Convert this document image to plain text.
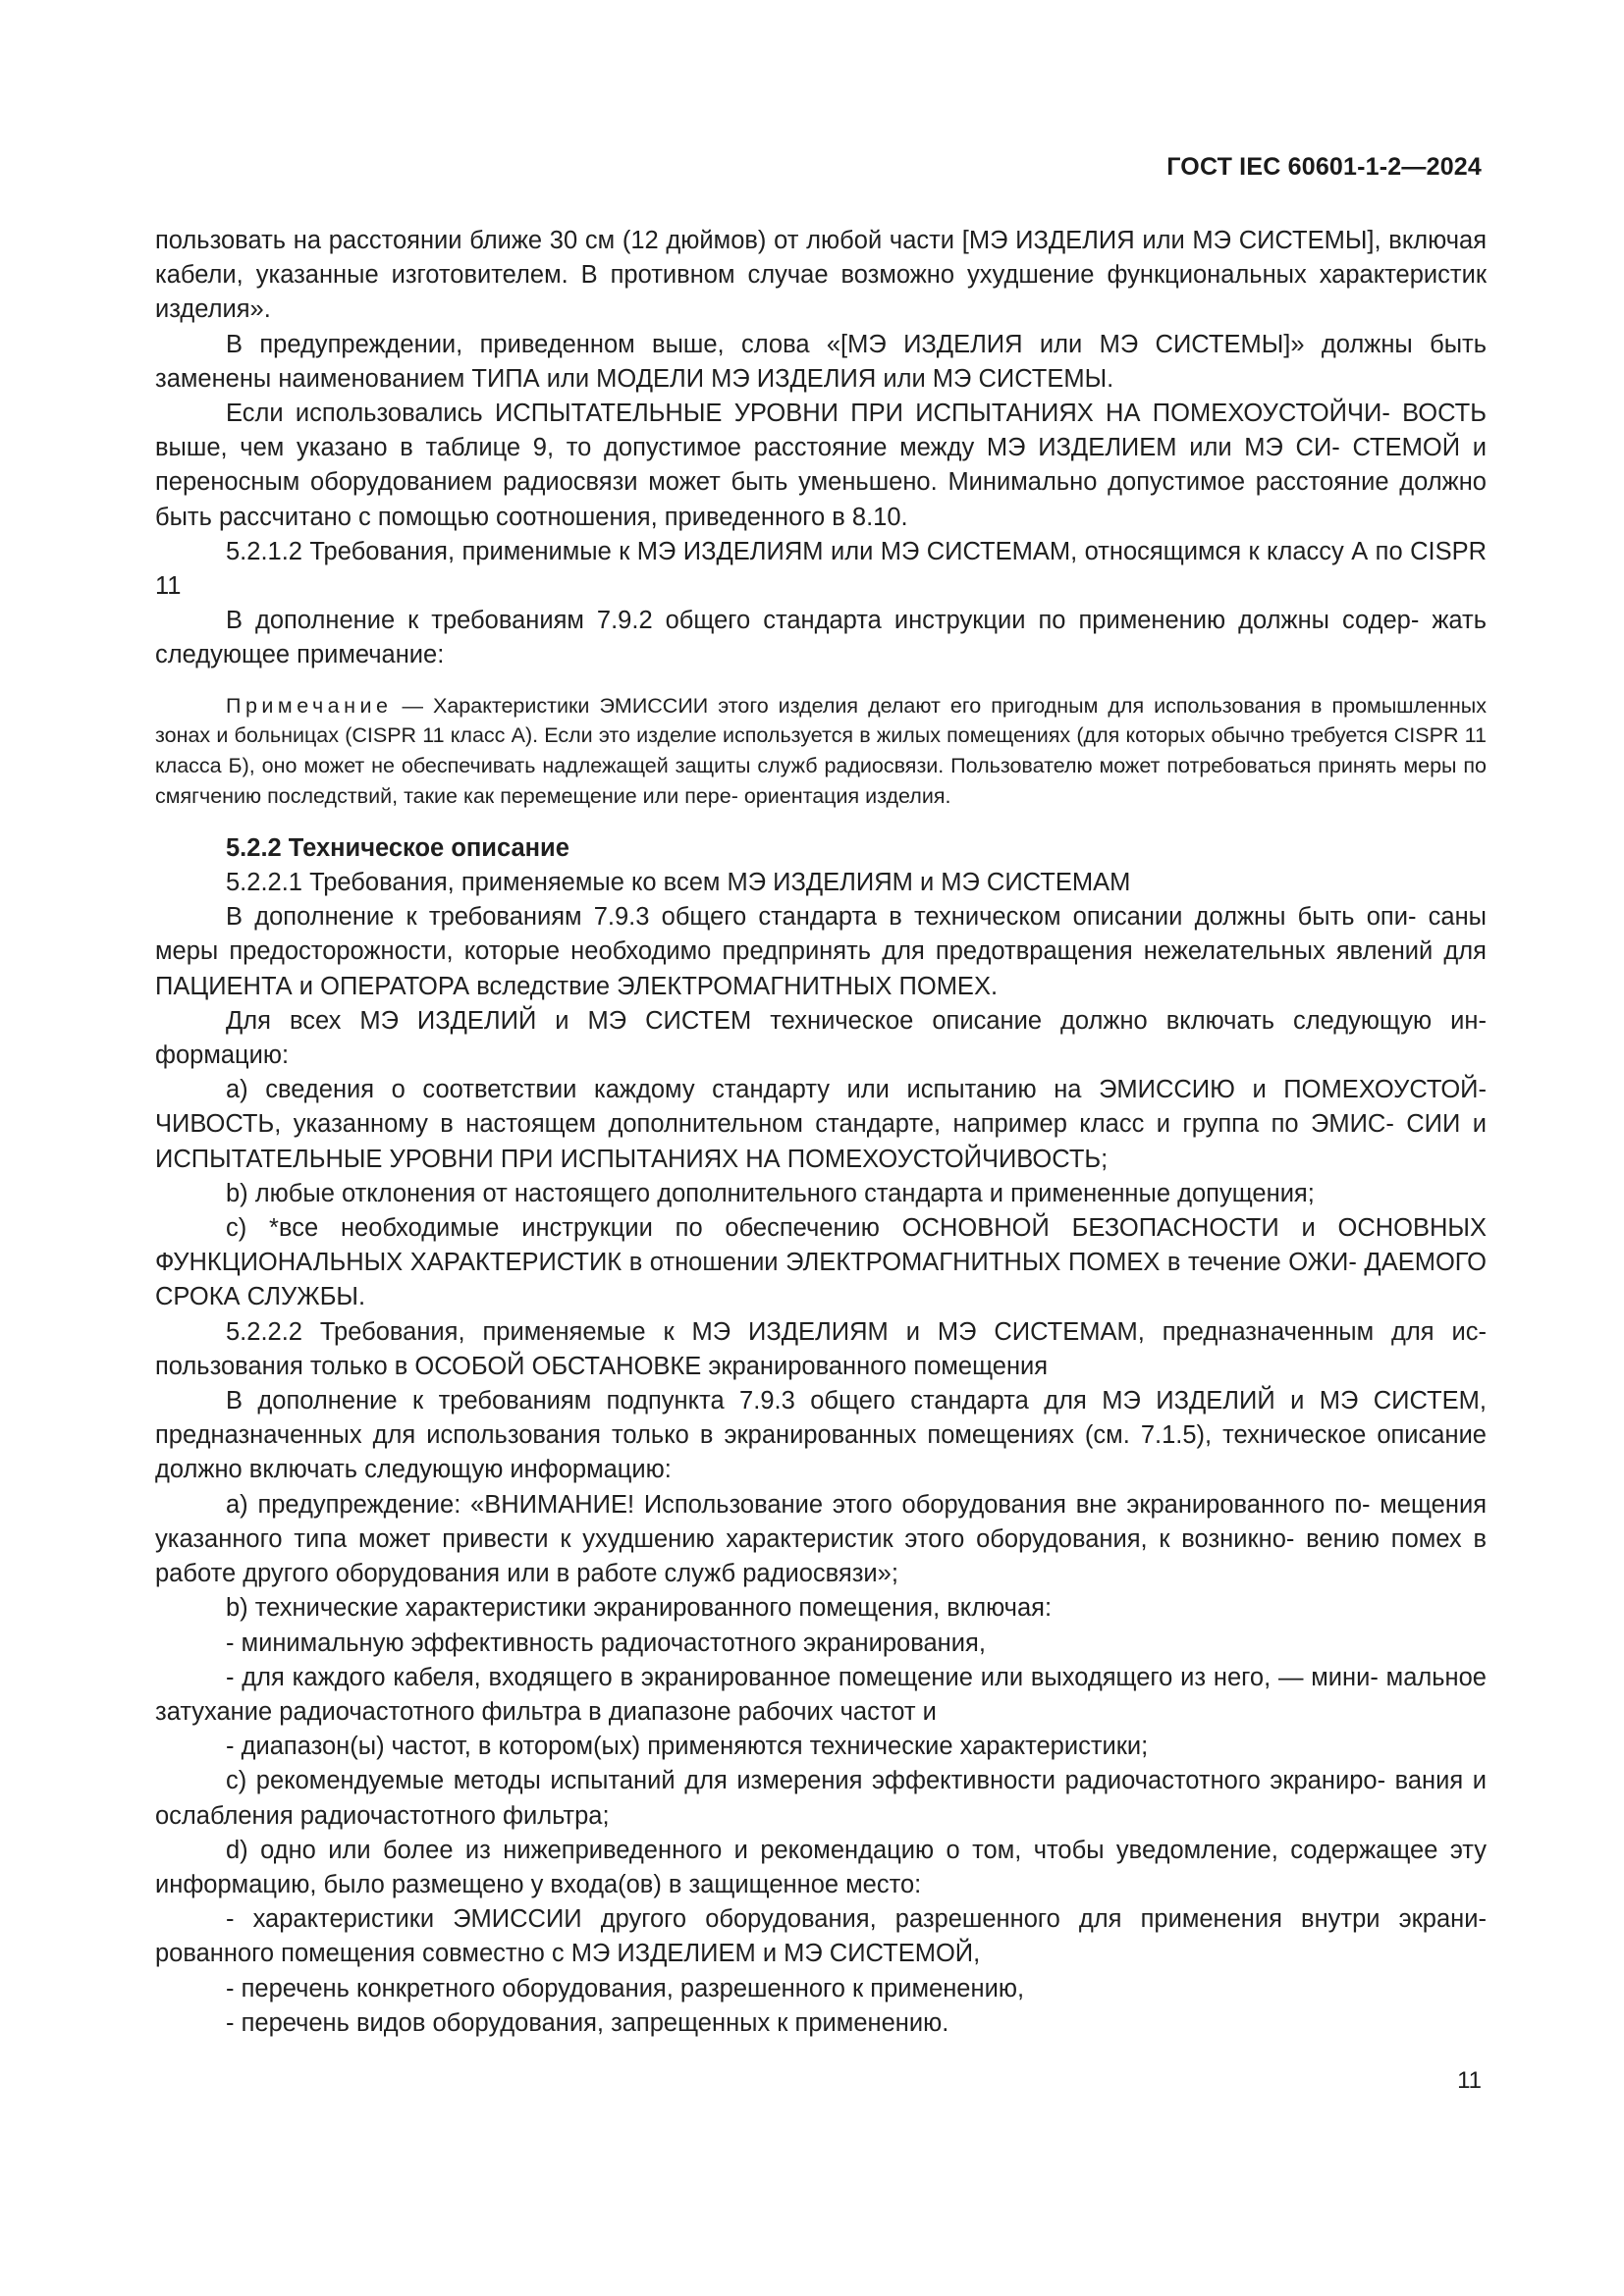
ГОСТ IEC 60601-1-2—2024

пользовать на расстоянии ближе 30 см (12 дюймов) от любой части [МЭ ИЗДЕЛИЯ или МЭ СИСТЕМЫ], включая кабели, указанные изготовителем. В противном случае возможно ухудшение функциональных характеристик изделия».

В предупреждении, приведенном выше, слова «[МЭ ИЗДЕЛИЯ или МЭ СИСТЕМЫ]» должны быть заменены наименованием ТИПА или МОДЕЛИ МЭ ИЗДЕЛИЯ или МЭ СИСТЕМЫ.

Если использовались ИСПЫТАТЕЛЬНЫЕ УРОВНИ ПРИ ИСПЫТАНИЯХ НА ПОМЕХОУСТОЙЧИ- ВОСТЬ выше, чем указано в таблице 9, то допустимое расстояние между МЭ ИЗДЕЛИЕМ или МЭ СИ- СТЕМОЙ и переносным оборудованием радиосвязи может быть уменьшено. Минимально допустимое расстояние должно быть рассчитано с помощью соотношения, приведенного в 8.10.

5.2.1.2 Требования, применимые к МЭ ИЗДЕЛИЯМ или МЭ СИСТЕМАМ, относящимся к классу А по CISPR 11

В дополнение к требованиям 7.9.2 общего стандарта инструкции по применению должны содер- жать следующее примечание:

Примечание — Характеристики ЭМИССИИ этого изделия делают его пригодным для использования в промышленных зонах и больницах (CISPR 11 класс А). Если это изделие используется в жилых помещениях (для которых обычно требуется CISPR 11 класса Б), оно может не обеспечивать надлежащей защиты служб радиосвязи. Пользователю может потребоваться принять меры по смягчению последствий, такие как перемещение или пере- ориентация изделия.

5.2.2 Техническое описание

5.2.2.1 Требования, применяемые ко всем МЭ ИЗДЕЛИЯМ и МЭ СИСТЕМАМ

В дополнение к требованиям 7.9.3 общего стандарта в техническом описании должны быть опи- саны меры предосторожности, которые необходимо предпринять для предотвращения нежелательных явлений для ПАЦИЕНТА и ОПЕРАТОРА вследствие ЭЛЕКТРОМАГНИТНЫХ ПОМЕХ.

Для всех МЭ ИЗДЕЛИЙ и МЭ СИСТЕМ техническое описание должно включать следующую ин- формацию:

a) сведения о соответствии каждому стандарту или испытанию на ЭМИССИЮ и ПОМЕХОУСТОЙ- ЧИВОСТЬ, указанному в настоящем дополнительном стандарте, например класс и группа по ЭМИС- СИИ и ИСПЫТАТЕЛЬНЫЕ УРОВНИ ПРИ ИСПЫТАНИЯХ НА ПОМЕХОУСТОЙЧИВОСТЬ;

b) любые отклонения от настоящего дополнительного стандарта и примененные допущения;

c) *все необходимые инструкции по обеспечению ОСНОВНОЙ БЕЗОПАСНОСТИ и ОСНОВНЫХ ФУНКЦИОНАЛЬНЫХ ХАРАКТЕРИСТИК в отношении ЭЛЕКТРОМАГНИТНЫХ ПОМЕХ в течение ОЖИ- ДАЕМОГО СРОКА СЛУЖБЫ.

5.2.2.2 Требования, применяемые к МЭ ИЗДЕЛИЯМ и МЭ СИСТЕМАМ, предназначенным для ис- пользования только в ОСОБОЙ ОБСТАНОВКЕ экранированного помещения

В дополнение к требованиям подпункта 7.9.3 общего стандарта для МЭ ИЗДЕЛИЙ и МЭ СИСТЕМ, предназначенных для использования только в экранированных помещениях (см. 7.1.5), техническое описание должно включать следующую информацию:

a) предупреждение: «ВНИМАНИЕ! Использование этого оборудования вне экранированного по- мещения указанного типа может привести к ухудшению характеристик этого оборудования, к возникно- вению помех в работе другого оборудования или в работе служб радиосвязи»;

b) технические характеристики экранированного помещения, включая:

- минимальную эффективность радиочастотного экранирования,

- для каждого кабеля, входящего в экранированное помещение или выходящего из него, — мини- мальное затухание радиочастотного фильтра в диапазоне рабочих частот и

- диапазон(ы) частот, в котором(ых) применяются технические характеристики;

c) рекомендуемые методы испытаний для измерения эффективности радиочастотного экраниро- вания и ослабления радиочастотного фильтра;

d) одно или более из нижеприведенного и рекомендацию о том, чтобы уведомление, содержащее эту информацию, было размещено у входа(ов) в защищенное место:

- характеристики ЭМИССИИ другого оборудования, разрешенного для применения внутри экрани- рованного помещения совместно с МЭ ИЗДЕЛИЕМ и МЭ СИСТЕМОЙ,

- перечень конкретного оборудования, разрешенного к применению,

- перечень видов оборудования, запрещенных к применению.

11
